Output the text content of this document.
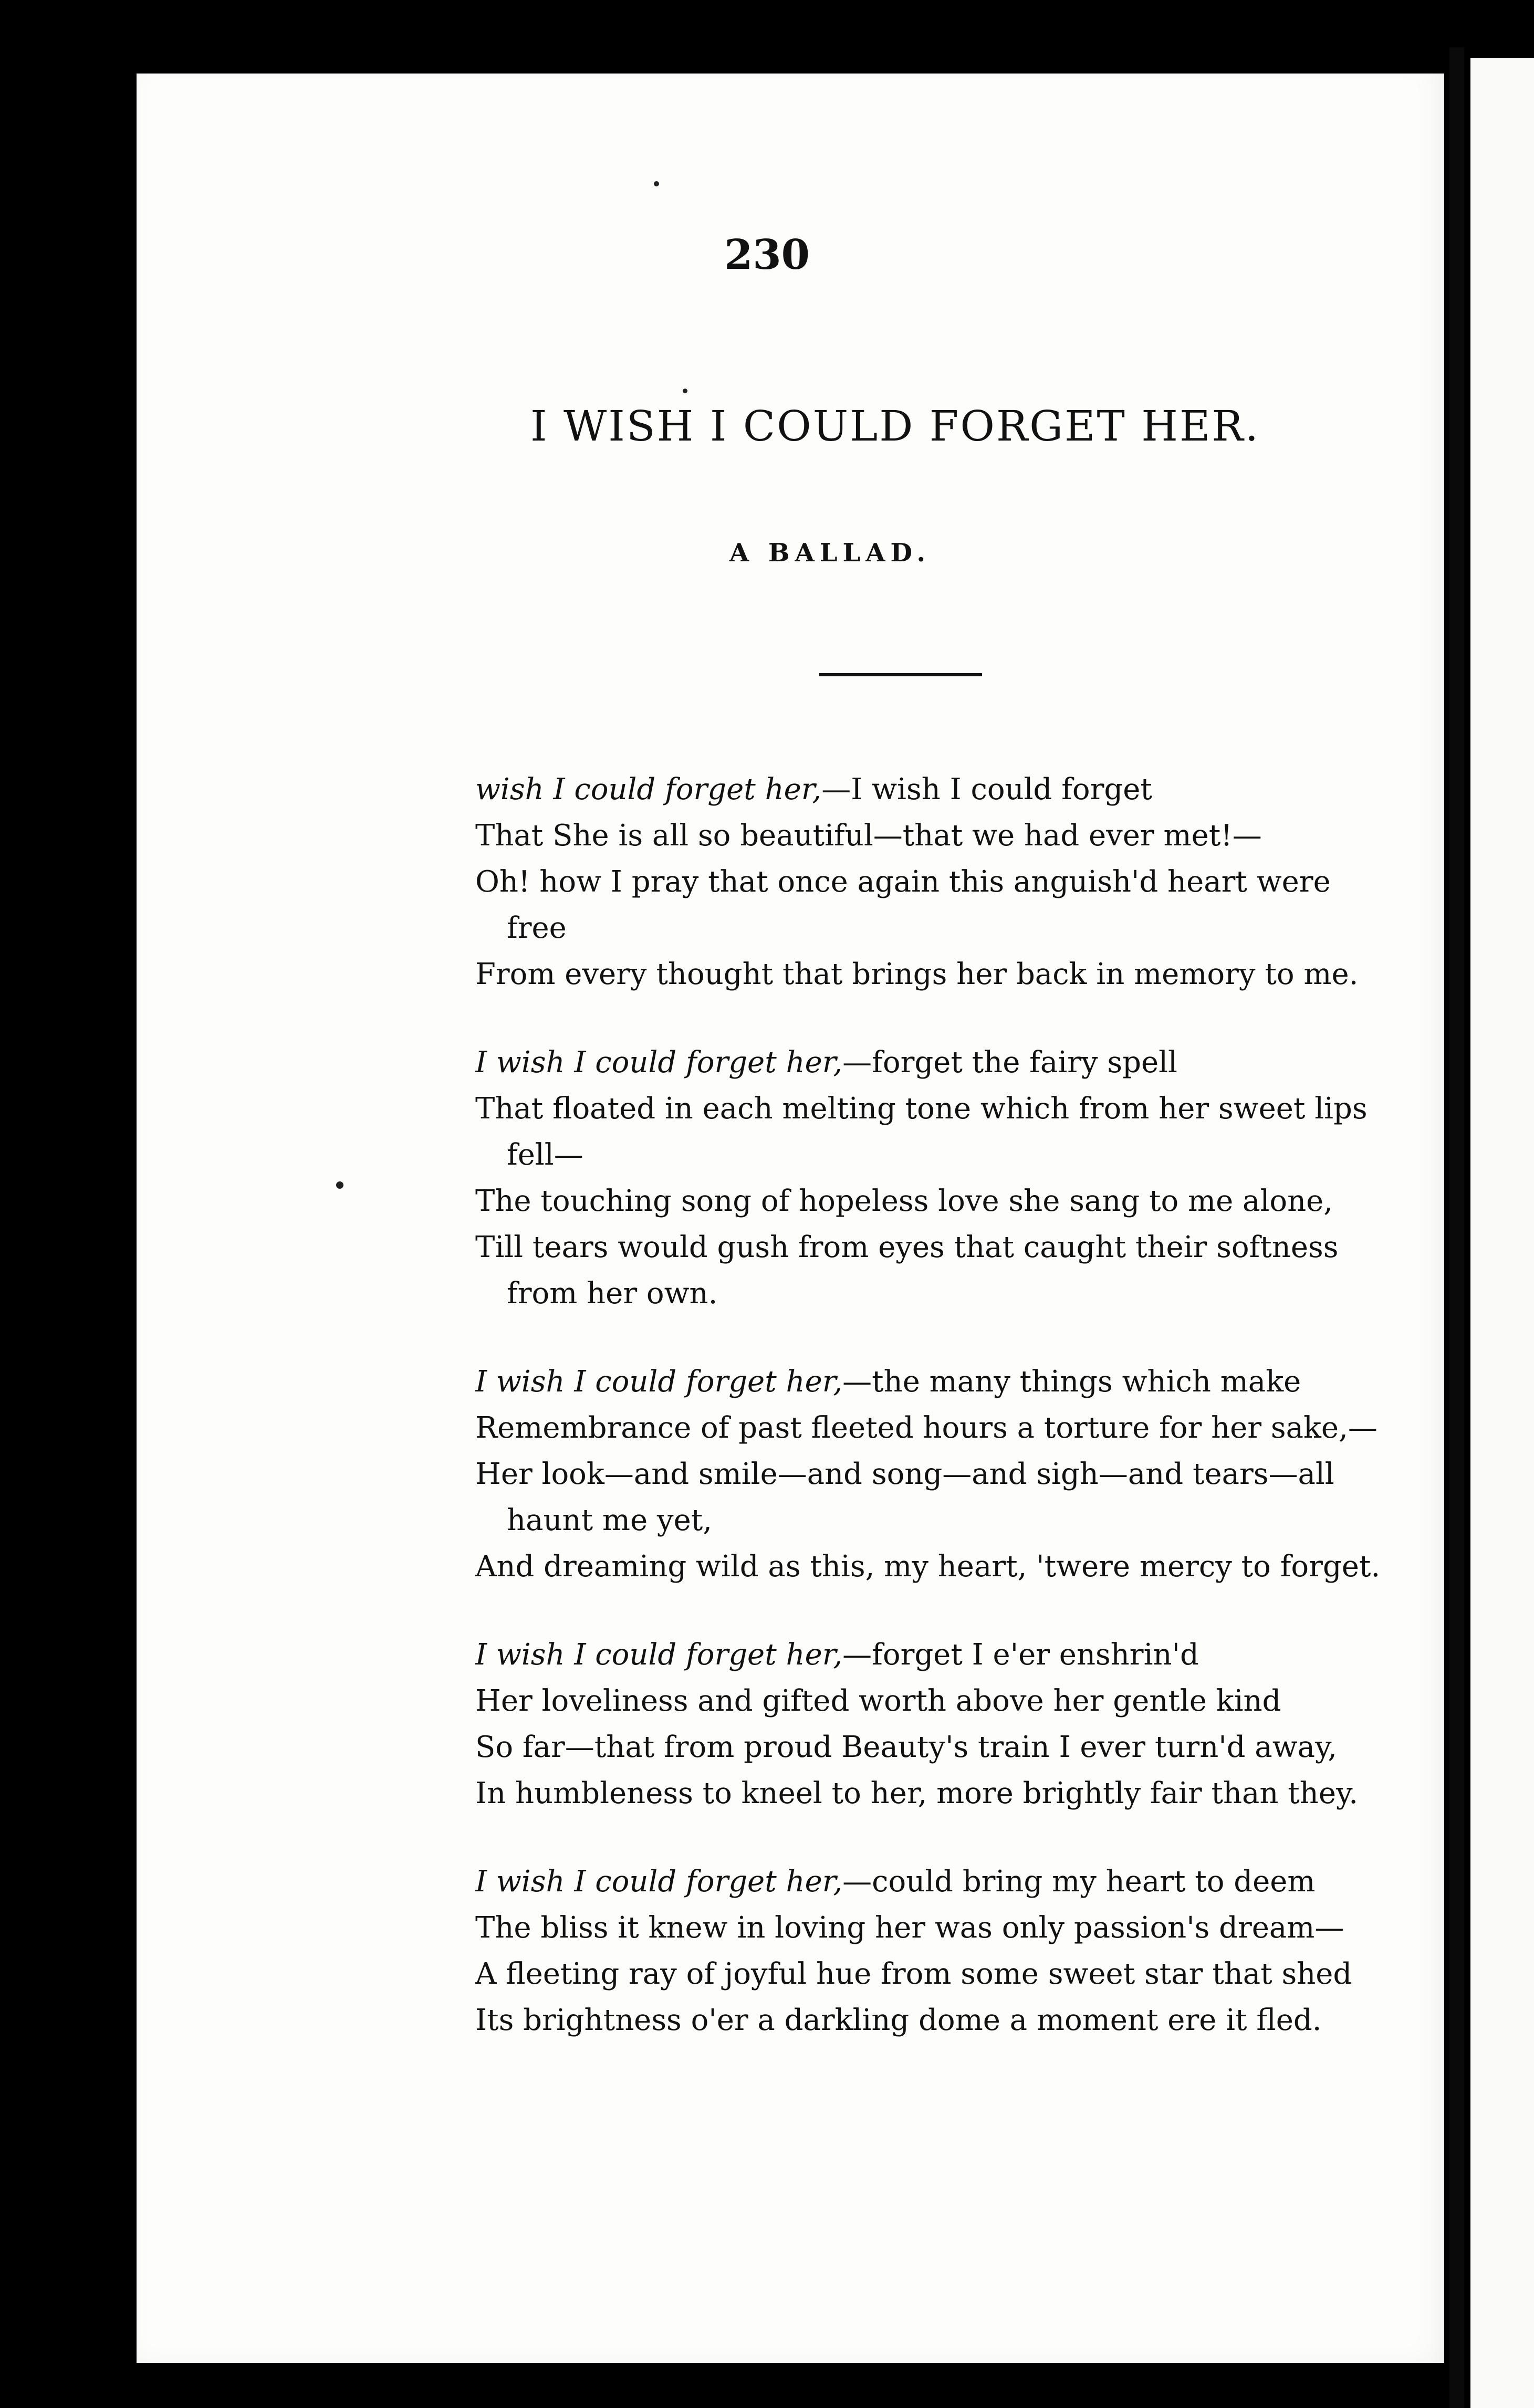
230
I WISH I COULD FORGET HER.
A BALLAD.
wish I could forget her,—I wish I could forget
That She is all so beautiful—that we had ever met!—
Oh! how I pray that once again this anguish'd heart were
free
From every thought that brings her back in memory to me.
I wish I could forget her,—forget the fairy spell
That floated in each melting tone which from her sweet lips
fell—
The touching song of hopeless love she sang to me alone,
Till tears would gush from eyes that caught their softness
from her own.
I wish I could forget her,—the many things which make
Remembrance of past fleeted hours a torture for her sake,—
Her look—and smile—and song—and sigh—and tears—all
haunt me yet,
And dreaming wild as this, my heart, 'twere mercy to forget.
I wish I could forget her,—forget I e'er enshrin'd
Her loveliness and gifted worth above her gentle kind
So far—that from proud Beauty's train I ever turn'd away,
In humbleness to kneel to her, more brightly fair than they.
I wish I could forget her,—could bring my heart to deem
The bliss it knew in loving her was only passion's dream—
A fleeting ray of joyful hue from some sweet star that shed
Its brightness o'er a darkling dome a moment ere it fled.
